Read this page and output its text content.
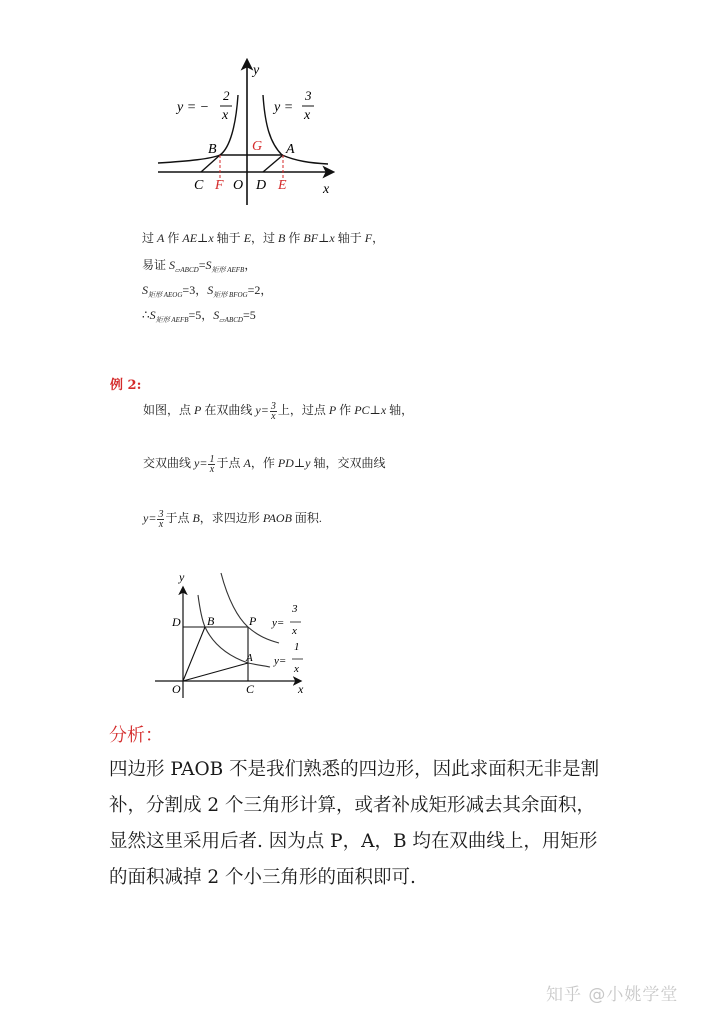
y
x
B	G A
C F O D E
y = −
2
x
y =
3
x
过 A 作 AE⊥x 轴于 E，过 B 作 BF⊥x 轴于 F，
易证 $S_{▱ABCD}=S_{矩形 AEFB}$，
$S_{矩形 AEOG}=3$，$S_{矩形 BFOG}=2$，
$\therefore S_{矩形 AEFB}=5$，$S_{▱ABCD}=5$
例 2:
如图，点 P 在双曲线 $y= \frac{3}{x}$ 上，过点 P 作 PC⊥x 轴，
交双曲线 $y= \frac{1}{x}$ 于点 A，作 PD⊥y 轴，交双曲线
$y= \frac{3}{x}$ 于点 B，求四边形 PAOB 面积.
y
x
D B	P
A
O	C
y=
3
x
y=
1
x
分析：
四边形 PAOB 不是我们熟悉的四边形，因此求面积无非是割
补，分割成 2 个三角形计算，或者补成矩形减去其余面积，
显然这里采用后者. 因为点 P，A，B 均在双曲线上，用矩形
的面积减掉 2 个小三角形的面积即可.
知乎 @小姚学堂
